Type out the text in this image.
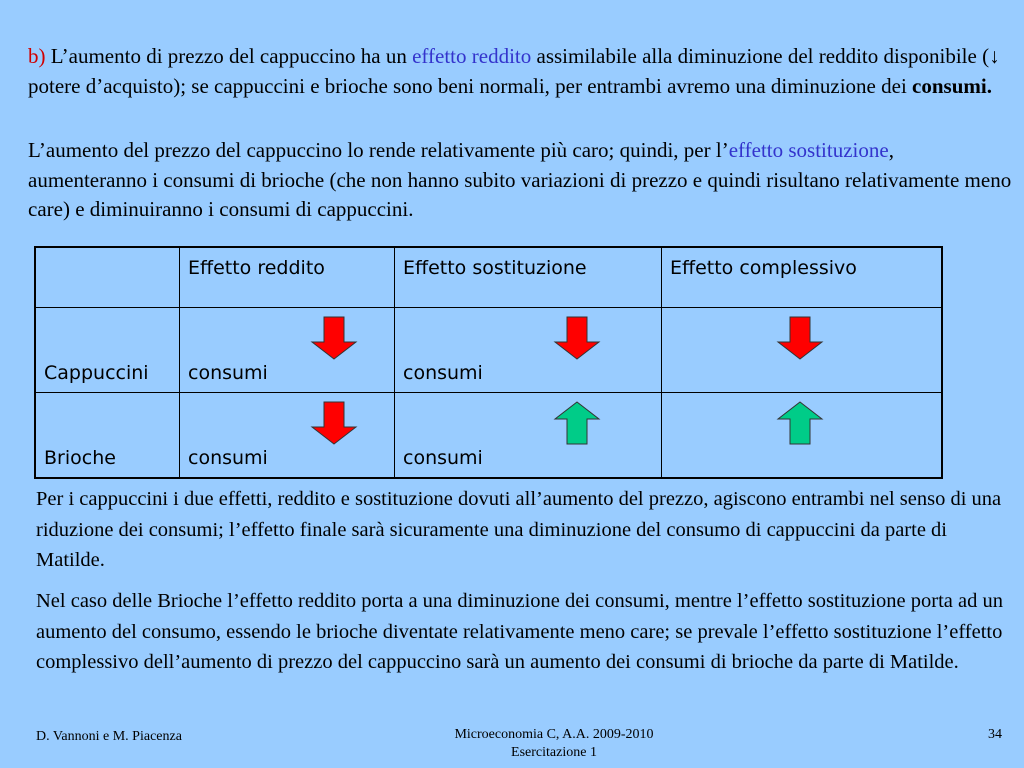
b) L’aumento di prezzo del cappuccino ha un effetto reddito assimilabile alla diminuzione del reddito disponibile (↓ potere d’acquisto); se cappuccini e brioche sono beni normali, per entrambi avremo una diminuzione dei consumi.
L’aumento del prezzo del cappuccino lo rende relativamente più caro; quindi, per l’effetto sostituzione, aumenteranno i consumi di brioche (che non hanno subito variazioni di prezzo e quindi risultano relativamente meno care) e diminuiranno i consumi di cappuccini.
	Effetto reddito	Effetto sostituzione	Effetto complessivo
Cappuccini	consumi	consumi

Brioche	consumi	consumi

Per i cappuccini i due effetti, reddito e sostituzione dovuti all’aumento del prezzo, agiscono entrambi nel senso di una riduzione dei consumi; l’effetto finale sarà sicuramente una diminuzione del consumo di cappuccini da parte di Matilde.
Nel caso delle Brioche l’effetto reddito porta a una diminuzione dei consumi, mentre l’effetto sostituzione porta ad un aumento del consumo, essendo le brioche diventate relativamente meno care; se prevale l’effetto sostituzione l’effetto complessivo dell’aumento di prezzo del cappuccino sarà un aumento dei consumi di brioche da parte di Matilde.
D. Vannoni e M. Piacenza	Microeconomia C, A.A. 2009-2010
Esercitazione 1
34
